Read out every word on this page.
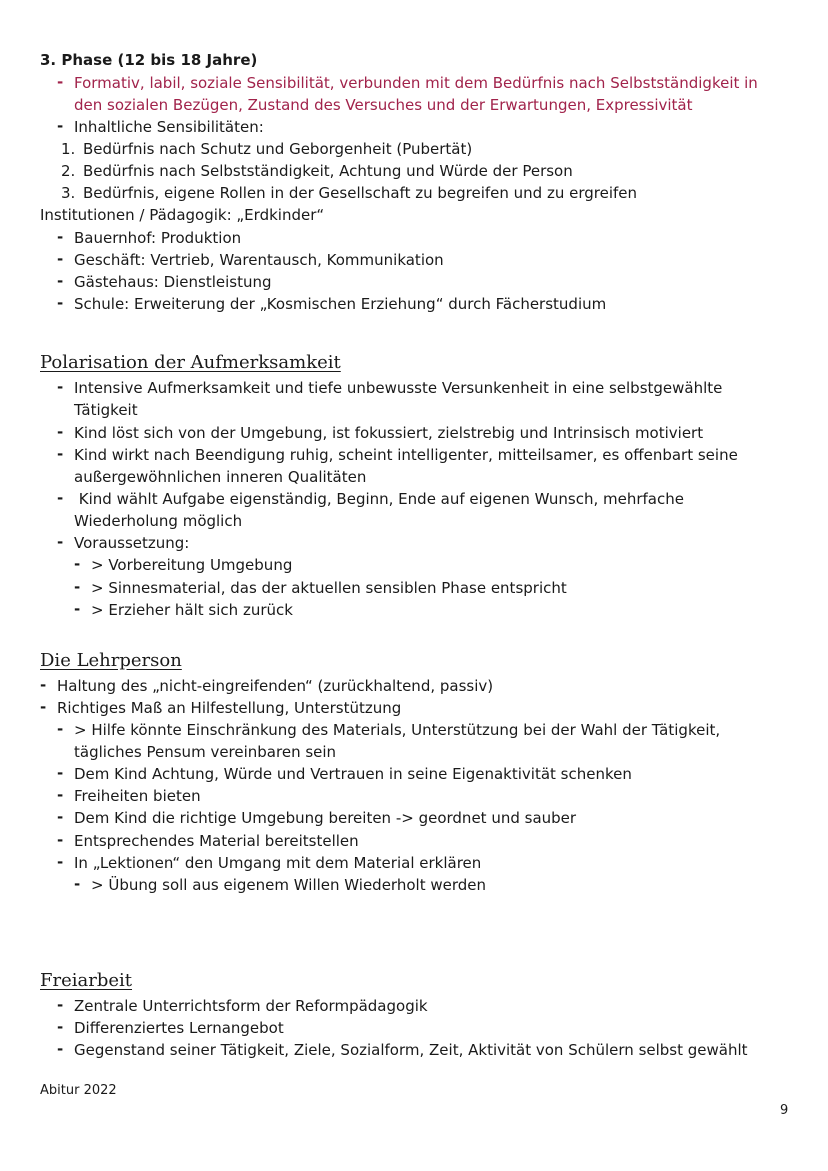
3. Phase (12 bis 18 Jahre)
- Formativ, labil, soziale Sensibilität, verbunden mit dem Bedürfnis nach Selbstständigkeit in
den sozialen Bezügen, Zustand des Versuches und der Erwartungen, Expressivität
- Inhaltliche Sensibilitäten:
1. Bedürfnis nach Schutz und Geborgenheit (Pubertät)
2. Bedürfnis nach Selbstständigkeit, Achtung und Würde der Person
3. Bedürfnis, eigene Rollen in der Gesellschaft zu begreifen und zu ergreifen
Institutionen / Pädagogik: „Erdkinder“
- Bauernhof: Produktion
- Geschäft: Vertrieb, Warentausch, Kommunikation
- Gästehaus: Dienstleistung
- Schule: Erweiterung der „Kosmischen Erziehung“ durch Fächerstudium
Polarisation der Aufmerksamkeit
- Intensive Aufmerksamkeit und tiefe unbewusste Versunkenheit in eine selbstgewählte
Tätigkeit
- Kind löst sich von der Umgebung, ist fokussiert, zielstrebig und Intrinsisch motiviert
- Kind wirkt nach Beendigung ruhig, scheint intelligenter, mitteilsamer, es offenbart seine
außergewöhnlichen inneren Qualitäten
-  Kind wählt Aufgabe eigenständig, Beginn, Ende auf eigenen Wunsch, mehrfache
Wiederholung möglich
- Voraussetzung:
- > Vorbereitung Umgebung
- > Sinnesmaterial, das der aktuellen sensiblen Phase entspricht
- > Erzieher hält sich zurück
Die Lehrperson
- Haltung des „nicht-eingreifenden“ (zurückhaltend, passiv)
- Richtiges Maß an Hilfestellung, Unterstützung
- > Hilfe könnte Einschränkung des Materials, Unterstützung bei der Wahl der Tätigkeit,
tägliches Pensum vereinbaren sein
- Dem Kind Achtung, Würde und Vertrauen in seine Eigenaktivität schenken
- Freiheiten bieten
- Dem Kind die richtige Umgebung bereiten -> geordnet und sauber
- Entsprechendes Material bereitstellen
- In „Lektionen“ den Umgang mit dem Material erklären
- > Übung soll aus eigenem Willen Wiederholt werden
Freiarbeit
- Zentrale Unterrichtsform der Reformpädagogik
- Differenziertes Lernangebot
- Gegenstand seiner Tätigkeit, Ziele, Sozialform, Zeit, Aktivität von Schülern selbst gewählt
Abitur 2022
9
